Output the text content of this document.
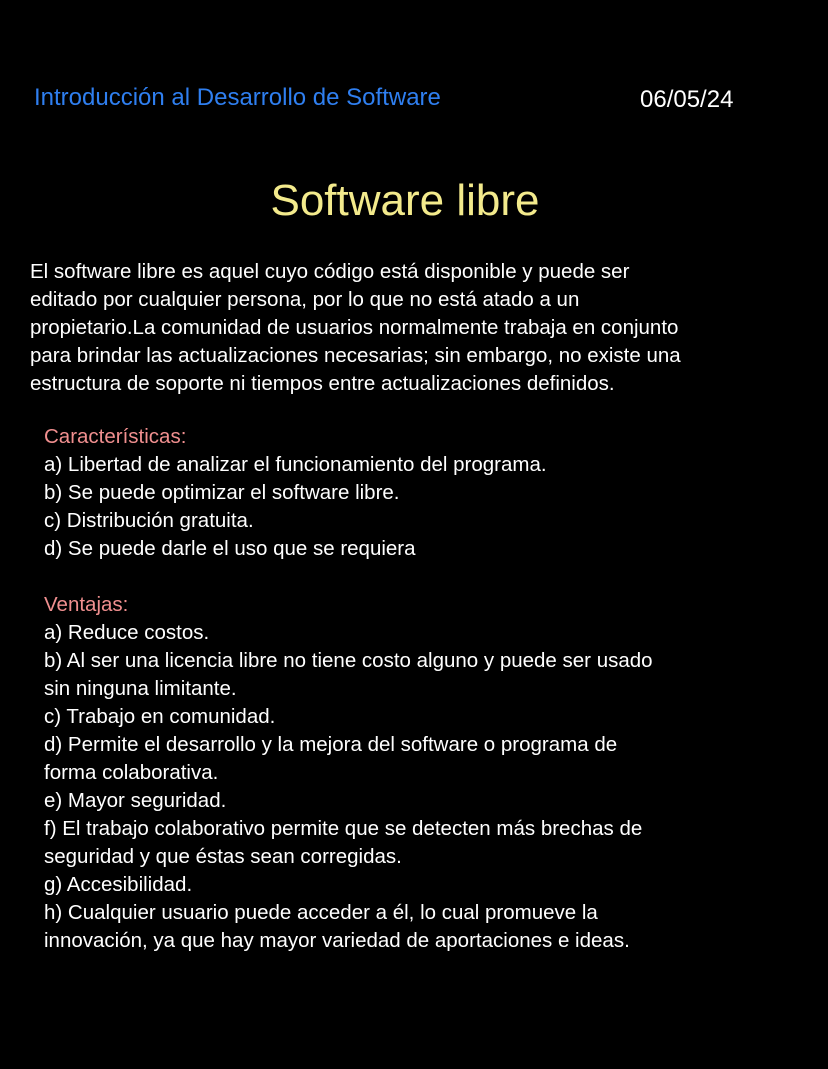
Introducción al Desarrollo de Software	06/05/24
Software libre
El software libre es aquel cuyo código está disponible y puede ser
editado por cualquier persona, por lo que no está atado a un
propietario.La comunidad de usuarios normalmente trabaja en conjunto
para brindar las actualizaciones necesarias; sin embargo, no existe una
estructura de soporte ni tiempos entre actualizaciones definidos.
Características:
a) Libertad de analizar el funcionamiento del programa.
b) Se puede optimizar el software libre.
c) Distribución gratuita.
d) Se puede darle el uso que se requiera
Ventajas:
a) Reduce costos.
b) Al ser una licencia libre no tiene costo alguno y puede ser usado
sin ninguna limitante.
c) Trabajo en comunidad.
d) Permite el desarrollo y la mejora del software o programa de
forma colaborativa.
e) Mayor seguridad.
f) El trabajo colaborativo permite que se detecten más brechas de
seguridad y que éstas sean corregidas.
g) Accesibilidad.
h) Cualquier usuario puede acceder a él, lo cual promueve la
innovación, ya que hay mayor variedad de aportaciones e ideas.
